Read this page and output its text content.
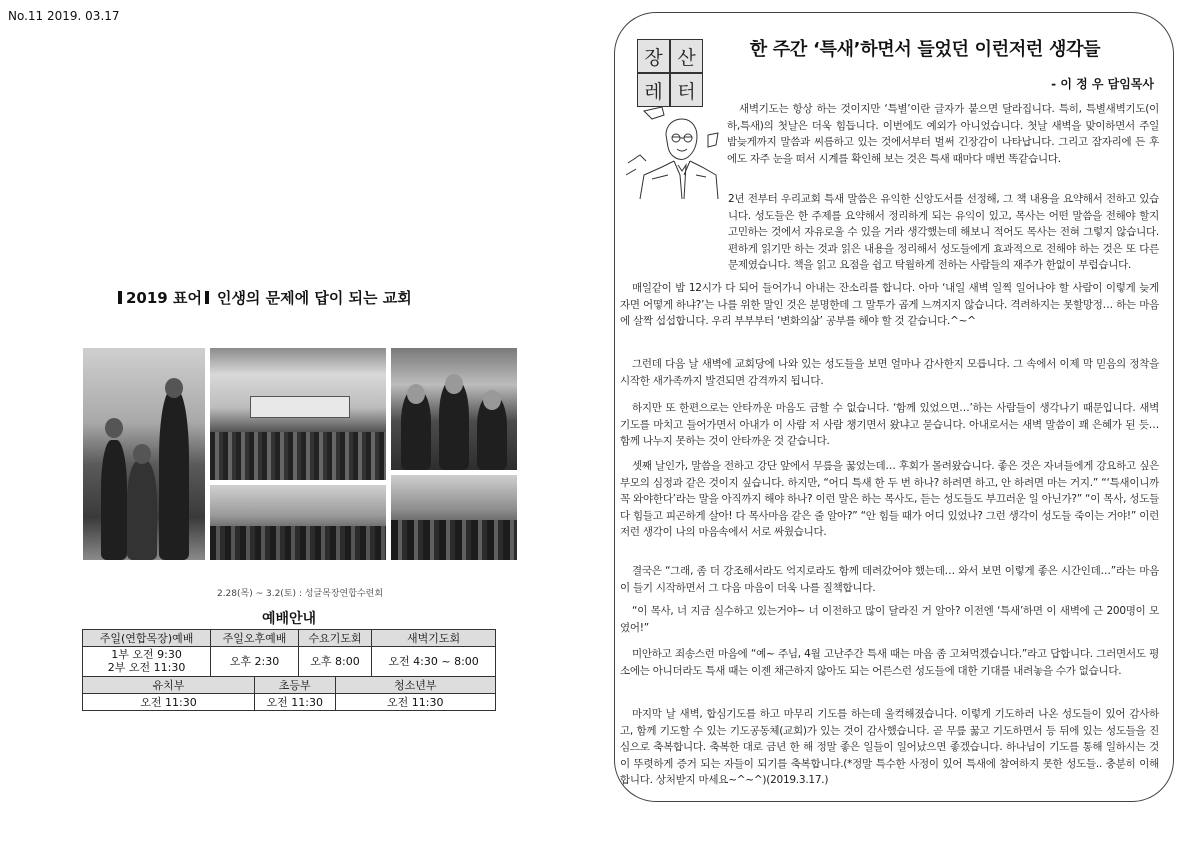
No.11 2019. 03.17
2019 표어 인생의 문제에 답이 되는 교회
2.28(목) ~ 3.2(토) : 성글목장연합수련회
예배안내					
주일(연합목장)예배	주일오후예배		수요기도회		새벽기도회

1부 오전 9:30
2부 오전 11:30	오후 2:30		오후 8:00		오전 4:30 ~ 8:00
유치부		초등부		청소년부	
오전 11:30		오전 11:30		오전 11:30	
장 산
레 터
한 주간 ‘특새’하면서 들었던 이런저런 생각들
- 이 정 우 담임목사
새벽기도는 항상 하는 것이지만 ‘특별’이란 글자가 붙으면 달라집니다. 특히, 특별새벽기도(이하,특새)의 첫날은 더욱 힘듭니다. 이번에도 예외가 아니었습니다. 첫날 새벽을 맞이하면서 주일 밤늦게까지 말씀과 씨름하고 있는 것에서부터 벌써 긴장감이 나타납니다. 그리고 잠자리에 든 후에도 자주 눈을 떠서 시계를 확인해 보는 것은 특새 때마다 매번 똑같습니다.
2년 전부터 우리교회 특새 말씀은 유익한 신앙도서를 선정해, 그 책 내용을 요약해서 전하고 있습니다. 성도들은 한 주제를 요약해서 정리하게 되는 유익이 있고, 목사는 어떤 말씀을 전해야 할지 고민하는 것에서 자유로울 수 있을 거라 생각했는데 해보니 적어도 목사는 전혀 그렇지 않습니다. 편하게 읽기만 하는 것과 읽은 내용을 정리해서 성도들에게 효과적으로 전해야 하는 것은 또 다른 문제였습니다. 책을 읽고 요점을 쉽고 탁월하게 전하는 사람들의 재주가 한없이 부럽습니다.
매일같이 밤 12시가 다 되어 들어가니 아내는 잔소리를 합니다. 아마 ‘내일 새벽 일찍 일어나야 할 사람이 이렇게 늦게 자면 어떻게 하냐?’는 나를 위한 말인 것은 분명한데 그 말투가 곱게 느껴지지 않습니다. 격려하지는 못할망정… 하는 마음에 살짝 섭섭합니다. 우리 부부부터 ‘변화의삶’ 공부를 해야 할 것 같습니다.^~^
그런데 다음 날 새벽에 교회당에 나와 있는 성도들을 보면 얼마나 감사한지 모릅니다. 그 속에서 이제 막 믿음의 정착을 시작한 새가족까지 발견되면 감격까지 됩니다.
하지만 또 한편으로는 안타까운 마음도 금할 수 없습니다. ‘함께 있었으면…’하는 사람들이 생각나기 때문입니다. 새벽기도를 마치고 들어가면서 아내가 이 사람 저 사람 챙기면서 왔냐고 묻습니다. 아내로서는 새벽 말씀이 꽤 은혜가 된 듯… 함께 나누지 못하는 것이 안타까운 것 같습니다.
셋째 날인가, 말씀을 전하고 강단 앞에서 무릎을 꿇었는데… 후회가 몰려왔습니다. 좋은 것은 자녀들에게 강요하고 싶은 부모의 심정과 같은 것이지 싶습니다. 하지만, “어디 특새 한 두 번 하나? 하려면 하고, 안 하려면 마는 거지.” “‘특새이니까 꼭 와야한다’라는 말을 아직까지 해야 하나? 이런 말은 하는 목사도, 듣는 성도들도 부끄러운 일 아닌가?” “이 목사, 성도들 다 힘들고 피곤하게 살아! 다 목사마음 같은 줄 알아?” “안 힘들 때가 어디 있었나? 그런 생각이 성도들 죽이는 거야!” 이런저런 생각이 나의 마음속에서 서로 싸웠습니다.
결국은 “그래, 좀 더 강조해서라도 억지로라도 함께 데려갔어야 했는데… 와서 보면 이렇게 좋은 시간인데…”라는 마음이 들기 시작하면서 그 다음 마음이 더욱 나를 질책합니다.
“이 목사, 너 지금 실수하고 있는거야~ 너 이전하고 많이 달라진 거 알아? 이전엔 ‘특새’하면 이 새벽에 근 200명이 모였어!”
미안하고 죄송스런 마음에 “예~ 주님, 4월 고난주간 특새 때는 마음 좀 고쳐먹겠습니다.”라고 답합니다. 그러면서도 평소에는 아니더라도 특새 때는 이젠 채근하지 않아도 되는 어른스런 성도들에 대한 기대를 내려놓을 수가 없습니다.
마지막 날 새벽, 합심기도를 하고 마무리 기도를 하는데 울컥해졌습니다. 이렇게 기도하러 나온 성도들이 있어 감사하고, 함께 기도할 수 있는 기도공동체(교회)가 있는 것이 감사했습니다. 곧 무릎 꿇고 기도하면서 등 뒤에 있는 성도들을 진심으로 축복합니다. 축복한 대로 금년 한 해 정말 좋은 일들이 일어났으면 좋겠습니다. 하나님이 기도를 통해 일하시는 것이 뚜렷하게 증거 되는 자들이 되기를 축복합니다.(*정말 특수한 사정이 있어 특새에 참여하지 못한 성도들.. 충분히 이해합니다. 상처받지 마세요~^~^)(2019.3.17.)
